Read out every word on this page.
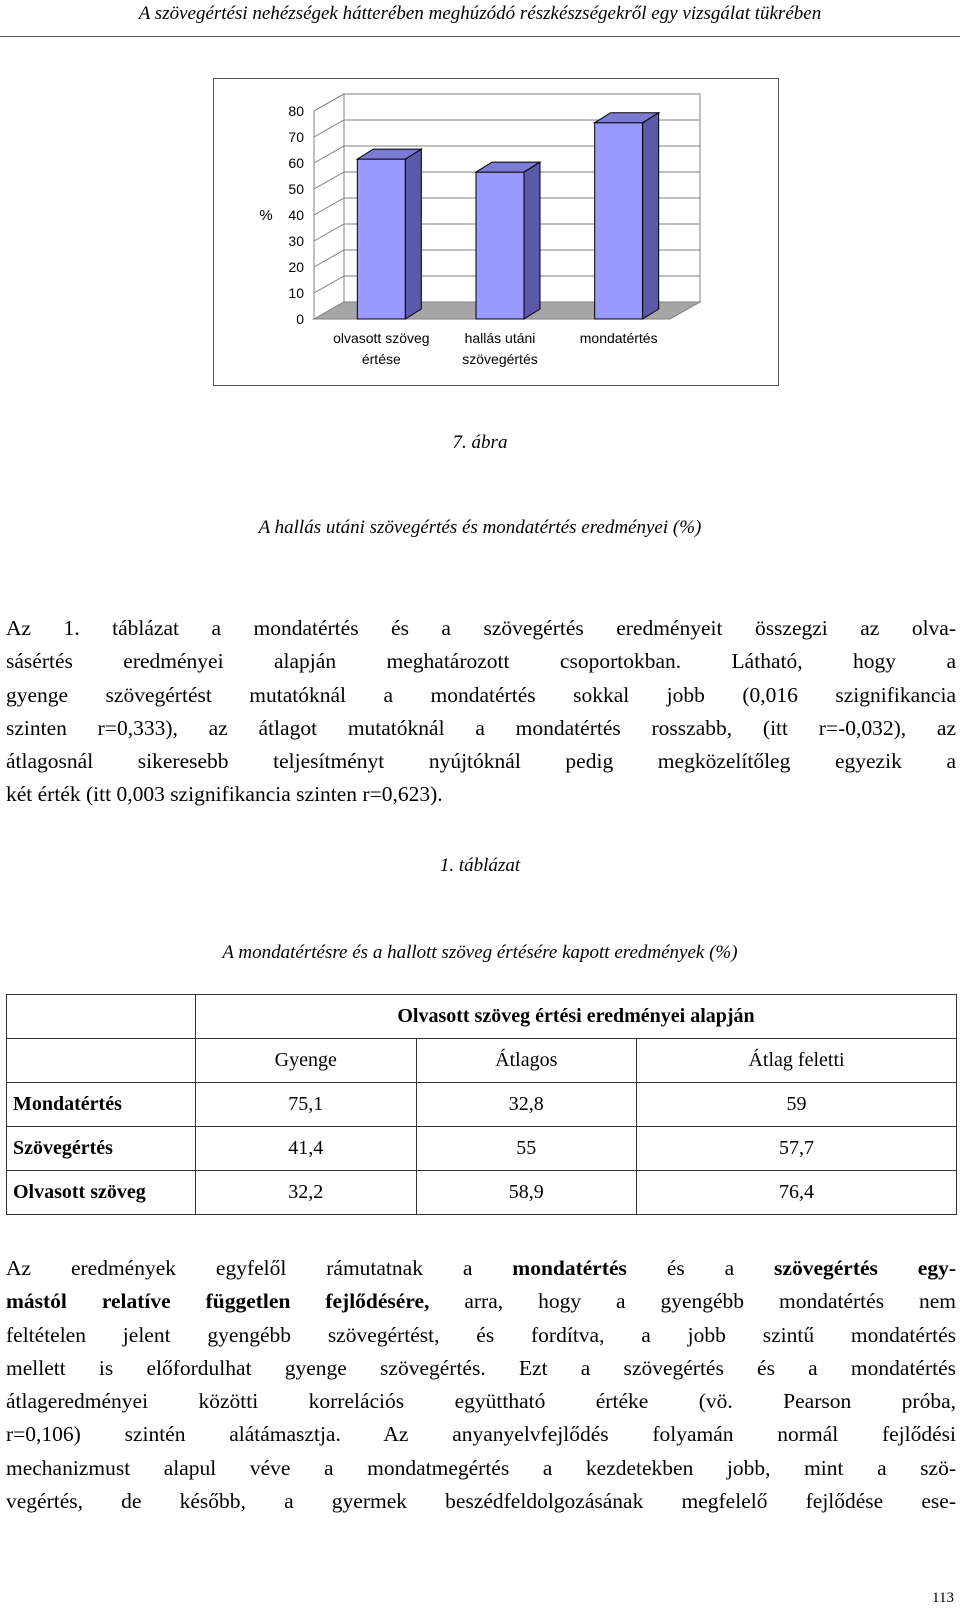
A szövegértési nehézségek hátterében meghúzódó részkészségekről egy vizsgálat tükrében
0
10
20
30
40
50
60
70
80
%
olvasott szöveg
értése
hallás utáni
szövegértés
mondatértés
7. ábra
A hallás utáni szövegértés és mondatértés eredményei (%)
Az 1. táblázat a mondatértés és a szövegértés eredményeit összegzi az olva-
sásértés eredményei alapján meghatározott csoportokban. Látható, hogy a
gyenge szövegértést mutatóknál a mondatértés sokkal jobb (0,016 szignifikancia
szinten r=0,333), az átlagot mutatóknál a mondatértés rosszabb, (itt r=-0,032), az
átlagosnál sikeresebb teljesítményt nyújtóknál pedig megközelítőleg egyezik a
két érték (itt 0,003 szignifikancia szinten r=0,623).
1. táblázat
A mondatértésre és a hallott szöveg értésére kapott eredmények (%)
	Olvasott szöveg értési eredményei alapján		
	Gyenge	Átlagos	Átlag feletti
Mondatértés	75,1	32,8	59
Szövegértés	41,4	55	57,7
Olvasott szöveg	32,2	58,9	76,4
Az eredmények egyfelől rámutatnak a mondatértés és a szövegértés egy-
mástól relatíve független fejlődésére, arra, hogy a gyengébb mondatértés nem
feltételen jelent gyengébb szövegértést, és fordítva, a jobb szintű mondatértés
mellett is előfordulhat gyenge szövegértés. Ezt a szövegértés és a mondatértés
átlageredményei közötti korrelációs együttható értéke (vö. Pearson próba,
r=0,106) szintén alátámasztja. Az anyanyelvfejlődés folyamán normál fejlődési
mechanizmust alapul véve a mondatmegértés a kezdetekben jobb, mint a szö-
vegértés, de később, a gyermek beszédfeldolgozásának megfelelő fejlődése ese-
113
